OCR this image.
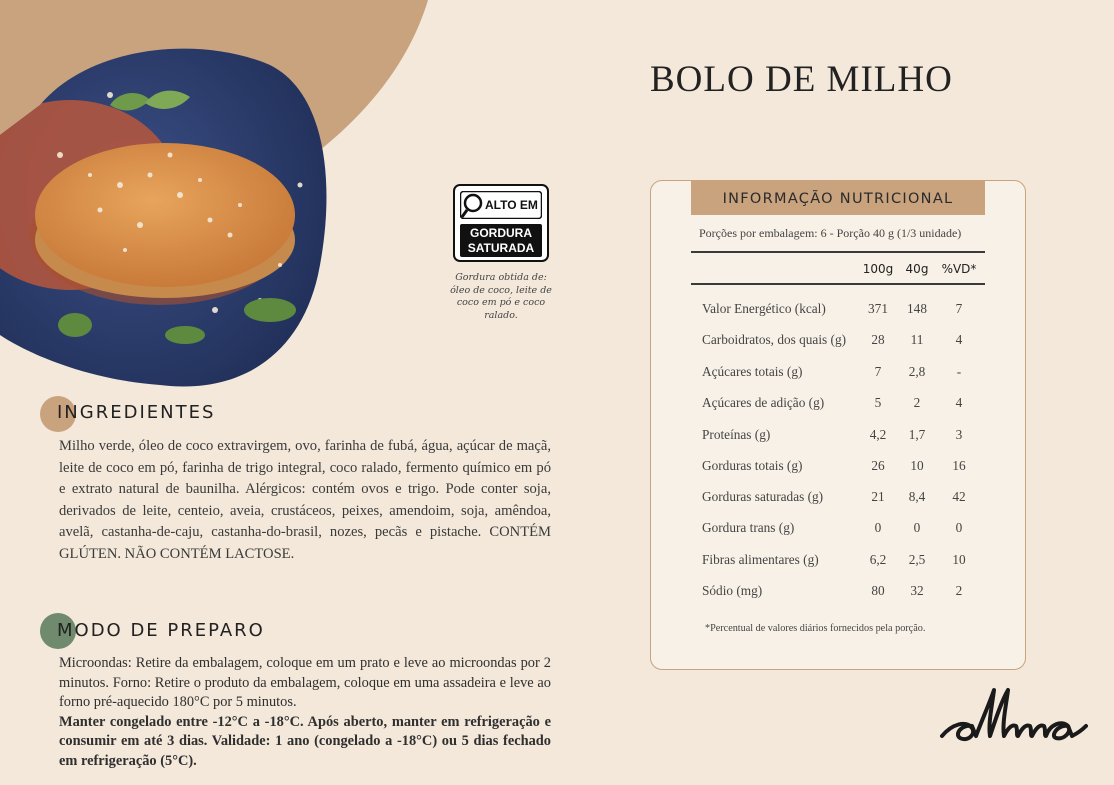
BOLO DE MILHO
ALTO EM
GORDURA
SATURADA
Gordura obtida de: óleo de coco, leite de coco em pó e coco ralado.
INGREDIENTES
Milho verde, óleo de coco extravirgem, ovo, farinha de fubá, água, açúcar de maçã, leite de coco em pó, farinha de trigo integral, coco ralado, fermento químico em pó e extrato natural de baunilha. Alérgicos: contém ovos e trigo. Pode conter soja, derivados de leite, centeio, aveia, crustáceos, peixes, amendoim, soja, amêndoa, avelã, castanha-de-caju, castanha-do-brasil, nozes, pecãs e pistache. CONTÉM GLÚTEN. NÃO CONTÉM LACTOSE.
MODO DE PREPARO

Microondas: Retire da embalagem, coloque em um prato e leve ao microondas por 2 minutos. Forno: Retire o produto da embalagem, coloque em uma assadeira e leve ao forno pré-aquecido 180°C por 5 minutos.

Manter congelado entre -12°C a -18°C. Após aberto, manter em refrigeração e consumir em até 3 dias. Validade: 1 ano (congelado a -18°C) ou 5 dias fechado em refrigeração (5°C).

INFORMAÇÃO NUTRICIONAL
Porções por embalagem: 6 - Porção 40 g (1/3 unidade)
100g	40g	%VD*
Valor Energético (kcal)	371	148	7
Carboidratos, dos quais (g)	28	11	4
Açúcares totais (g)	7	2,8	-
Açúcares de adição (g)	5	2	4
Proteínas (g)	4,2	1,7	3
Gorduras totais (g)	26	10	16
Gorduras saturadas (g)	21	8,4	42
Gordura trans (g)	0	0	0
Fibras alimentares (g)	6,2	2,5	10
Sódio (mg)	80	32	2
*Percentual de valores diários fornecidos pela porção.
